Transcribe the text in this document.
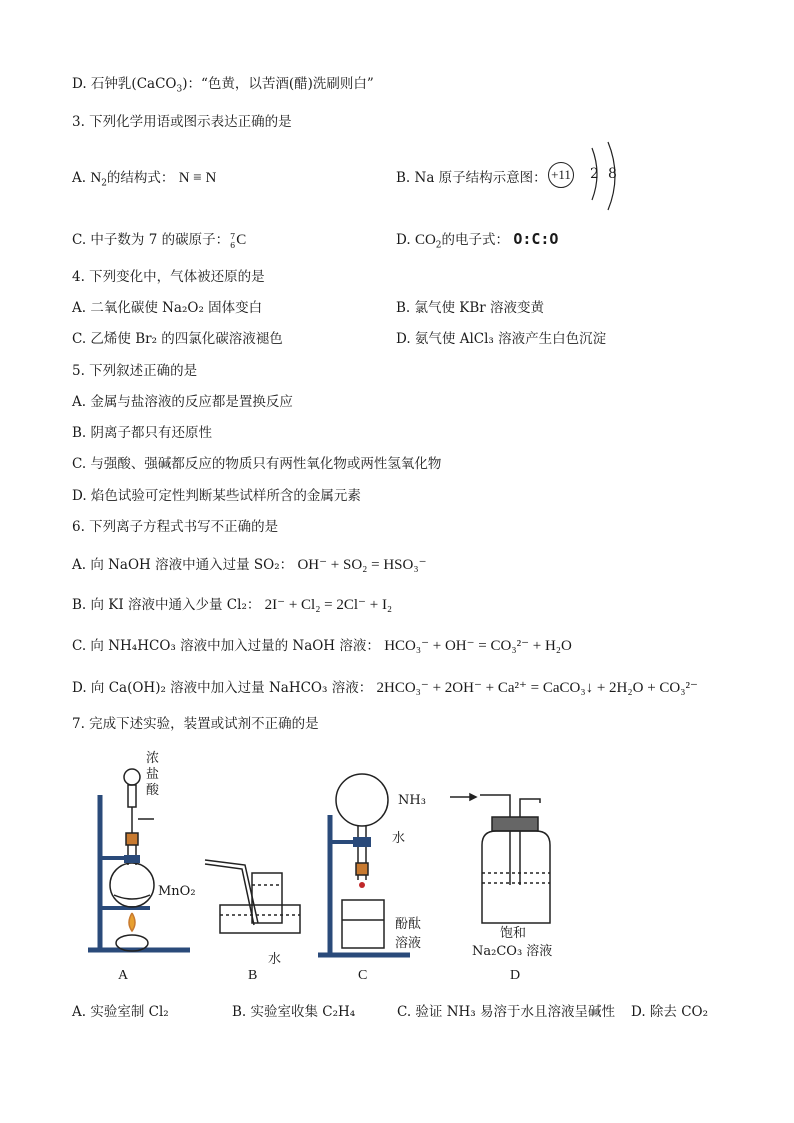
D. 石钟乳(CaCO$_3$)：“色黄，以苦酒(醋)洗刷则白”
3. 下列化学用语或图示表达正确的是
A. $N_2$的结构式： N ≡ N	B. Na 原子结构示意图： +11 2 8
C. 中子数为 7 的碳原子：7
6C	D. $CO_2$的电子式： O:C:O
4. 下列变化中，气体被还原的是
A. 二氧化碳使 Na₂O₂ 固体变白	B. 氯气使 KBr 溶液变黄
C. 乙烯使 Br₂ 的四氯化碳溶液褪色	D. 氨气使 AlCl₃ 溶液产生白色沉淀
5. 下列叙述正确的是
A. 金属与盐溶液的反应都是置换反应
B. 阴离子都只有还原性
C. 与强酸、强碱都反应的物质只有两性氧化物或两性氢氧化物
D. 焰色试验可定性判断某些试样所含的金属元素
6. 下列离子方程式书写不正确的是
A. 向 NaOH 溶液中通入过量 SO₂： OH⁻ + SO₂ = HSO₃⁻
B. 向 KI 溶液中通入少量 Cl₂： 2I⁻ + Cl₂ = 2Cl⁻ + I₂
C. 向 NH₄HCO₃ 溶液中加入过量的 NaOH 溶液： HCO₃⁻ + OH⁻ = CO₃²⁻ + H₂O
D. 向 Ca(OH)₂ 溶液中加入过量 NaHCO₃ 溶液： 2HCO₃⁻ + 2OH⁻ + Ca²⁺ = CaCO₃↓ + 2H₂O + CO₃²⁻
7. 完成下述实验，装置或试剂不正确的是
浓
盐
酸
MnO₂
水
NH₃
水
酚酞
溶液
饱和
Na₂CO₃ 溶液
A	B	C	D
A. 实验室制 Cl₂	B. 实验室收集 C₂H₄	C. 验证 NH₃ 易溶于水且溶液呈碱性 D. 除去 CO₂
